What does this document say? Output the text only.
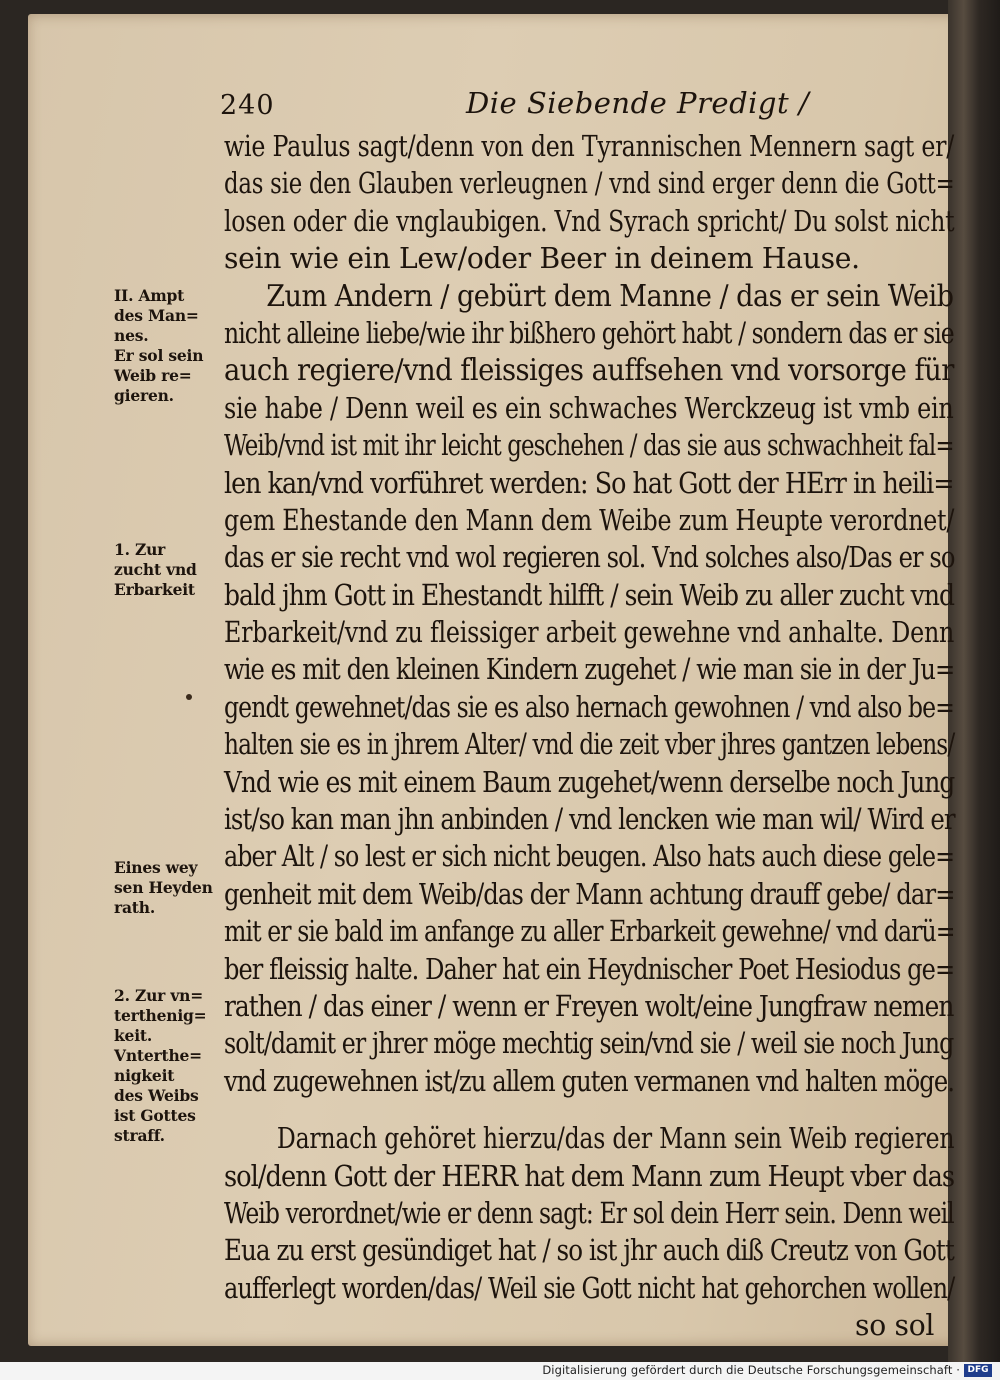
240	Die Siebende Predigt /
wie Paulus sagt/denn von den Tyrannischen Mennern sagt er/
das sie den Glauben verleugnen / vnd sind erger denn die Gott=
losen oder die vnglaubigen. Vnd Syrach spricht/ Du solst nicht
sein wie ein Lew/oder Beer in deinem Hause.
Zum Andern / gebürt dem Manne / das er sein Weib
nicht alleine liebe/wie ihr bißhero gehört habt / sondern das er sie
auch regiere/vnd fleissiges auffsehen vnd vorsorge für
sie habe / Denn weil es ein schwaches Werckzeug ist vmb ein
Weib/vnd ist mit ihr leicht geschehen / das sie aus schwachheit fal=
len kan/vnd vorführet werden: So hat Gott der HErr in heili=
gem Ehestande den Mann dem Weibe zum Heupte verordnet/
das er sie recht vnd wol regieren sol. Vnd solches also/Das er so
bald jhm Gott in Ehestandt hilfft / sein Weib zu aller zucht vnd
Erbarkeit/vnd zu fleissiger arbeit gewehne vnd anhalte. Denn
wie es mit den kleinen Kindern zugehet / wie man sie in der Ju=
gendt gewehnet/das sie es also hernach gewohnen / vnd also be=
halten sie es in jhrem Alter/ vnd die zeit vber jhres gantzen lebens/
Vnd wie es mit einem Baum zugehet/wenn derselbe noch Jung
ist/so kan man jhn anbinden / vnd lencken wie man wil/ Wird er
aber Alt / so lest er sich nicht beugen. Also hats auch diese gele=
genheit mit dem Weib/das der Mann achtung drauff gebe/ dar=
mit er sie bald im anfange zu aller Erbarkeit gewehne/ vnd darü=
ber fleissig halte. Daher hat ein Heydnischer Poet Hesiodus ge=
rathen / das einer / wenn er Freyen wolt/eine Jungfraw nemen
solt/damit er jhrer möge mechtig sein/vnd sie / weil sie noch Jung
vnd zugewehnen ist/zu allem guten vermanen vnd halten möge.
Darnach gehöret hierzu/das der Mann sein Weib regieren
sol/denn Gott der HERR hat dem Mann zum Heupt vber das
Weib verordnet/wie er denn sagt: Er sol dein Herr sein. Denn weil
Eua zu erst gesündiget hat / so ist jhr auch diß Creutz von Gott
aufferlegt worden/das/ Weil sie Gott nicht hat gehorchen wollen/
so sol
II. Ampt
des Man=
nes.
Er sol sein
Weib re=
gieren.
1. Zur
zucht vnd
Erbarkeit
Eines wey
sen Heyden
rath.
2. Zur vn=
terthenig=
keit.
Vnterthe=
nigkeit
des Weibs
ist Gottes
straff.
Digitalisierung gefördert durch die Deutsche Forschungsgemeinschaft · DFG
